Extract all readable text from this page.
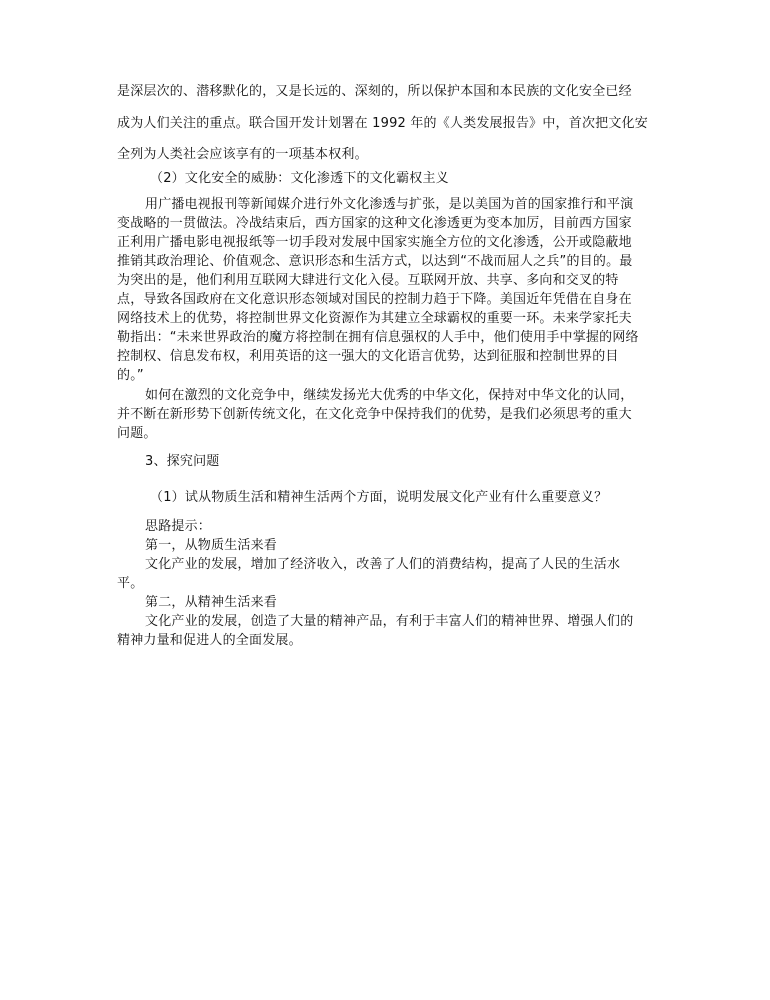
是深层次的、潜移默化的，又是长远的、深刻的，所以保护本国和本民族的文化安全已经
成为人们关注的重点。联合国开发计划署在 1992 年的《人类发展报告》中，首次把文化安
全列为人类社会应该享有的一项基本权利。
（2）文化安全的威胁：文化渗透下的文化霸权主义
用广播电视报刊等新闻媒介进行外文化渗透与扩张，是以美国为首的国家推行和平演
变战略的一贯做法。冷战结束后，西方国家的这种文化渗透更为变本加厉，目前西方国家
正利用广播电影电视报纸等一切手段对发展中国家实施全方位的文化渗透，公开或隐蔽地
推销其政治理论、价值观念、意识形态和生活方式，以达到“不战而屈人之兵”的目的。最
为突出的是，他们利用互联网大肆进行文化入侵。互联网开放、共享、多向和交叉的特
点，导致各国政府在文化意识形态领域对国民的控制力趋于下降。美国近年凭借在自身在
网络技术上的优势，将控制世界文化资源作为其建立全球霸权的重要一环。未来学家托夫
勒指出：“未来世界政治的魔方将控制在拥有信息强权的人手中，他们使用手中掌握的网络
控制权、信息发布权，利用英语的这一强大的文化语言优势，达到征服和控制世界的目
的。”
如何在激烈的文化竞争中，继续发扬光大优秀的中华文化，保持对中华文化的认同，
并不断在新形势下创新传统文化，在文化竞争中保持我们的优势，是我们必须思考的重大
问题。
3、探究问题
（1）试从物质生活和精神生活两个方面，说明发展文化产业有什么重要意义？
思路提示：
第一，从物质生活来看
文化产业的发展，增加了经济收入，改善了人们的消费结构，提高了人民的生活水
平。
第二，从精神生活来看
文化产业的发展，创造了大量的精神产品，有利于丰富人们的精神世界、增强人们的
精神力量和促进人的全面发展。
